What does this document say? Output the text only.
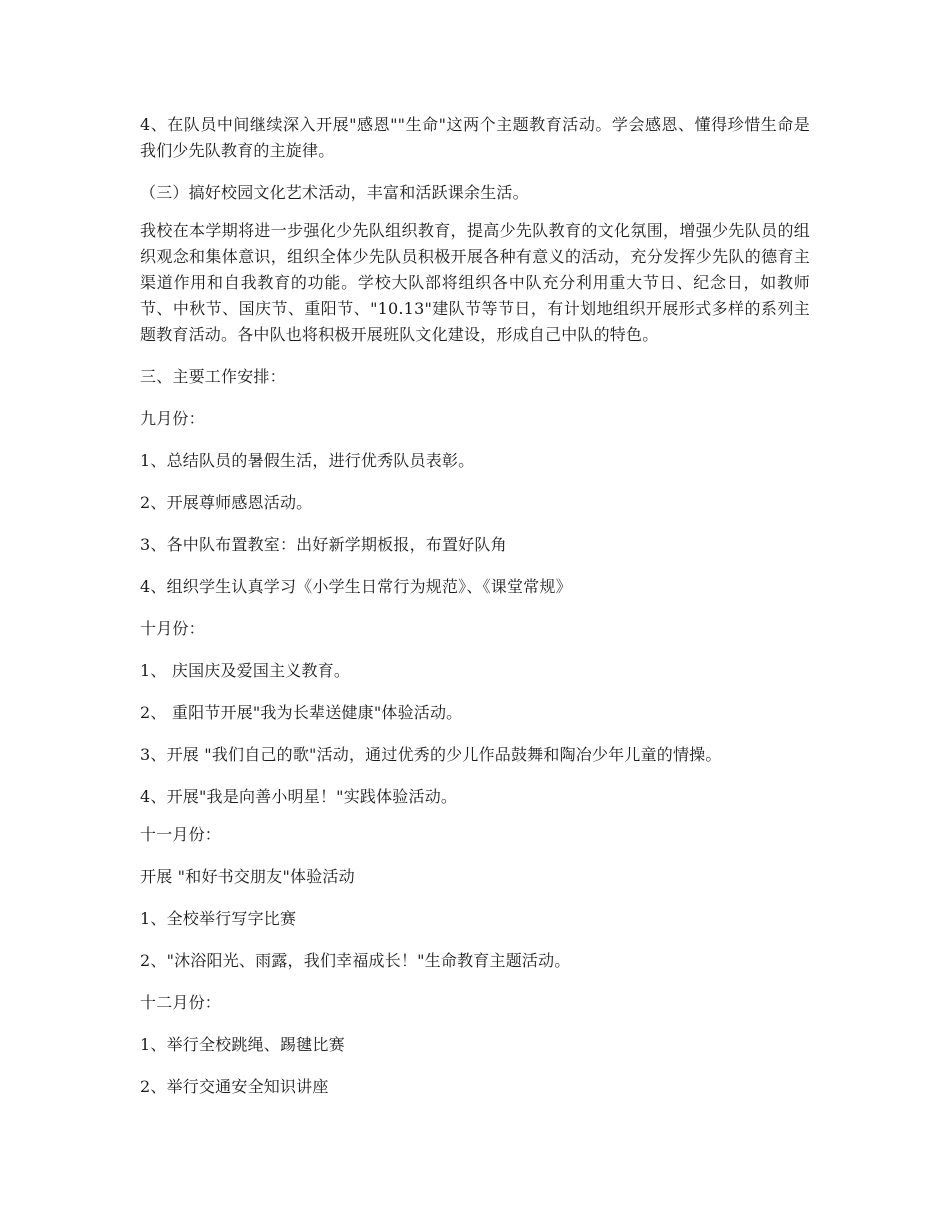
4、在队员中间继续深入开展"感恩""生命"这两个主题教育活动。学会感恩、懂得珍惜生命是我们少先队教育的主旋律。

（三）搞好校园文化艺术活动，丰富和活跃课余生活。

我校在本学期将进一步强化少先队组织教育，提高少先队教育的文化氛围，增强少先队员的组织观念和集体意识，组织全体少先队员积极开展各种有意义的活动，充分发挥少先队的德育主渠道作用和自我教育的功能。学校大队部将组织各中队充分利用重大节日、纪念日，如教师节、中秋节、国庆节、重阳节、"10.13"建队节等节日，有计划地组织开展形式多样的系列主题教育活动。各中队也将积极开展班队文化建设，形成自己中队的特色。

三、主要工作安排：

九月份：

1、总结队员的暑假生活，进行优秀队员表彰。

2、开展尊师感恩活动。

3、各中队布置教室：出好新学期板报，布置好队角

4、组织学生认真学习《小学生日常行为规范》、《课堂常规》

十月份：

1、 庆国庆及爱国主义教育。

2、 重阳节开展"我为长辈送健康"体验活动。

3、开展 "我们自己的歌"活动，通过优秀的少儿作品鼓舞和陶冶少年儿童的情操。

4、开展"我是向善小明星！"实践体验活动。

十一月份：

开展 "和好书交朋友"体验活动

1、全校举行写字比赛

2、"沐浴阳光、雨露，我们幸福成长！"生命教育主题活动。

十二月份：

1、举行全校跳绳、踢毽比赛

2、举行交通安全知识讲座
